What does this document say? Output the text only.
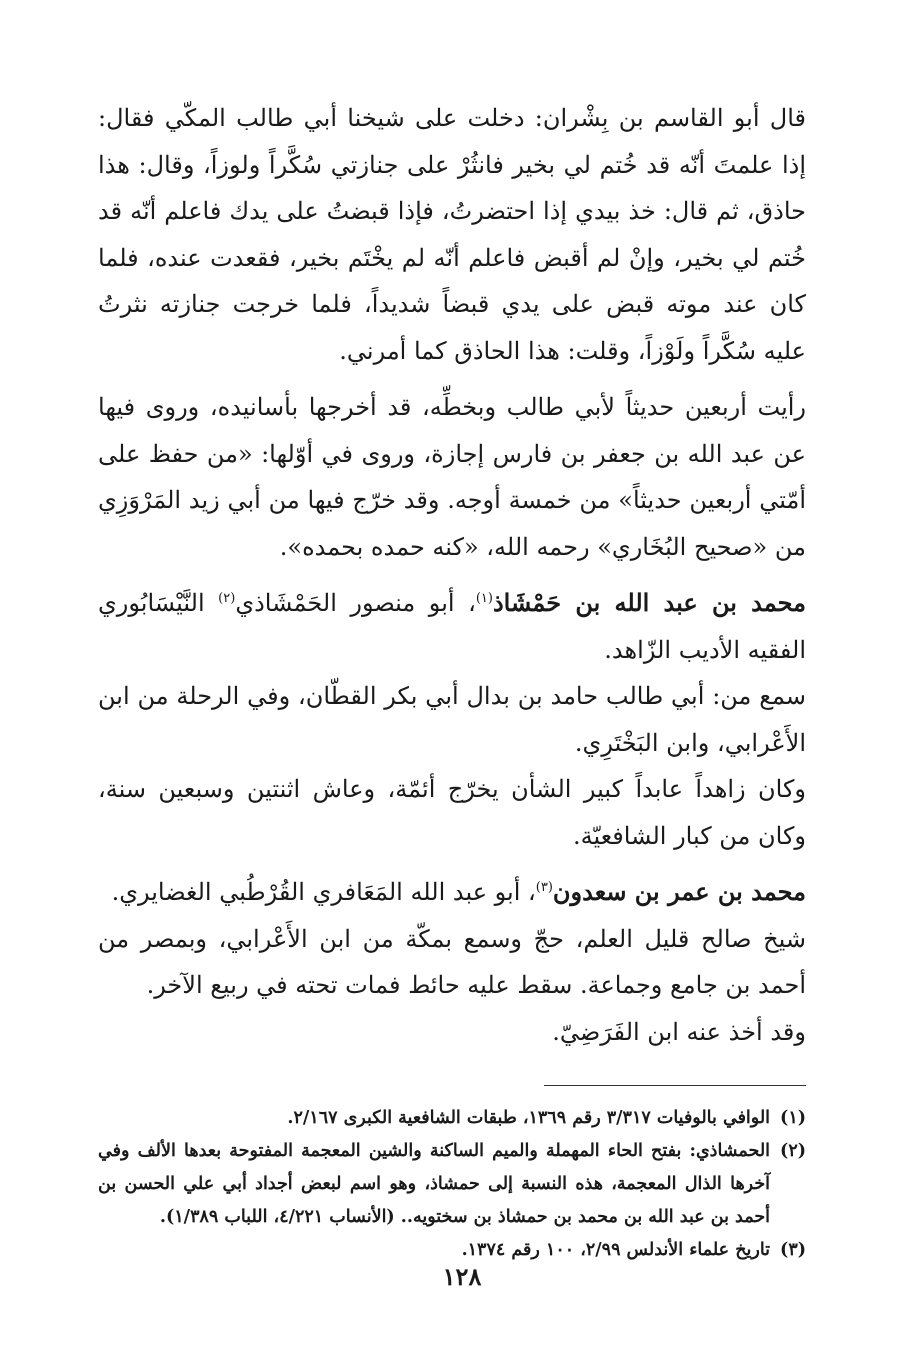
قال أبو القاسم بن بِشْران: دخلت على شيخنا أبي طالب المكّي فقال: إذا علمتَ أنّه قد خُتم لي بخير فانثُرْ على جنازتي سُكَّراً ولوزاً، وقال: هذا حاذق، ثم قال: خذ بيدي إذا احتضرتُ، فإذا قبضتُ على يدك فاعلم أنّه قد خُتم لي بخير، وإنْ لم أقبض فاعلم أنّه لم يخْتَم بخير، فقعدت عنده، فلما كان عند موته قبض على يدي قبضاً شديداً، فلما خرجت جنازته نثرتُ عليه سُكَّراً ولَوْزاً، وقلت: هذا الحاذق كما أمرني.

رأيت أربعين حديثاً لأبي طالب وبخطِّه، قد أخرجها بأسانيده، وروى فيها عن عبد الله بن جعفر بن فارس إجازة، وروى في أوّلها: «من حفظ على أمّتي أربعين حديثاً» من خمسة أوجه. وقد خرّج فيها من أبي زيد المَرْوَزِي من «صحيح البُخَاري» رحمه الله، «كنه حمده بحمده».

محمد بن عبد الله بن حَمْشَاذ$^{(١)}$، أبو منصور الحَمْشَاذي$^{(٢)}$ النَّيْسَابُوري الفقيه الأديب الزّاهد.

سمع من: أبي طالب حامد بن بدال أبي بكر القطّان، وفي الرحلة من ابن الأَعْرابي، وابن البَخْتَرِي.

وكان زاهداً عابداً كبير الشأن يخرّج أئمّة، وعاش اثنتين وسبعين سنة، وكان من كبار الشافعيّة.

محمد بن عمر بن سعدون$^{(٣)}$، أبو عبد الله المَعَافري القُرْطُبي الغضايري.

شيخ صالح قليل العلم، حجّ وسمع بمكّة من ابن الأَعْرابي، وبمصر من أحمد بن جامع وجماعة. سقط عليه حائط فمات تحته في ربيع الآخر.

وقد أخذ عنه ابن الفَرَضِيّ.

(١)
الوافي بالوفيات ٣/٣١٧ رقم ١٣٦٩، طبقات الشافعية الكبرى ٢/١٦٧.

(٢)
الحمشاذي: بفتح الحاء المهملة والميم الساكنة والشين المعجمة المفتوحة بعدها الألف وفي آخرها الذال المعجمة، هذه النسبة إلى حمشاذ، وهو اسم لبعض أجداد أبي علي الحسن بن أحمد بن عبد الله بن محمد بن حمشاذ بن سختويه.. (الأنساب ٤/٢٢١، اللباب ١/٣٨٩).

(٣)
تاريخ علماء الأندلس ٢/٩٩، ١٠٠ رقم ١٣٧٤.

١٢٨
